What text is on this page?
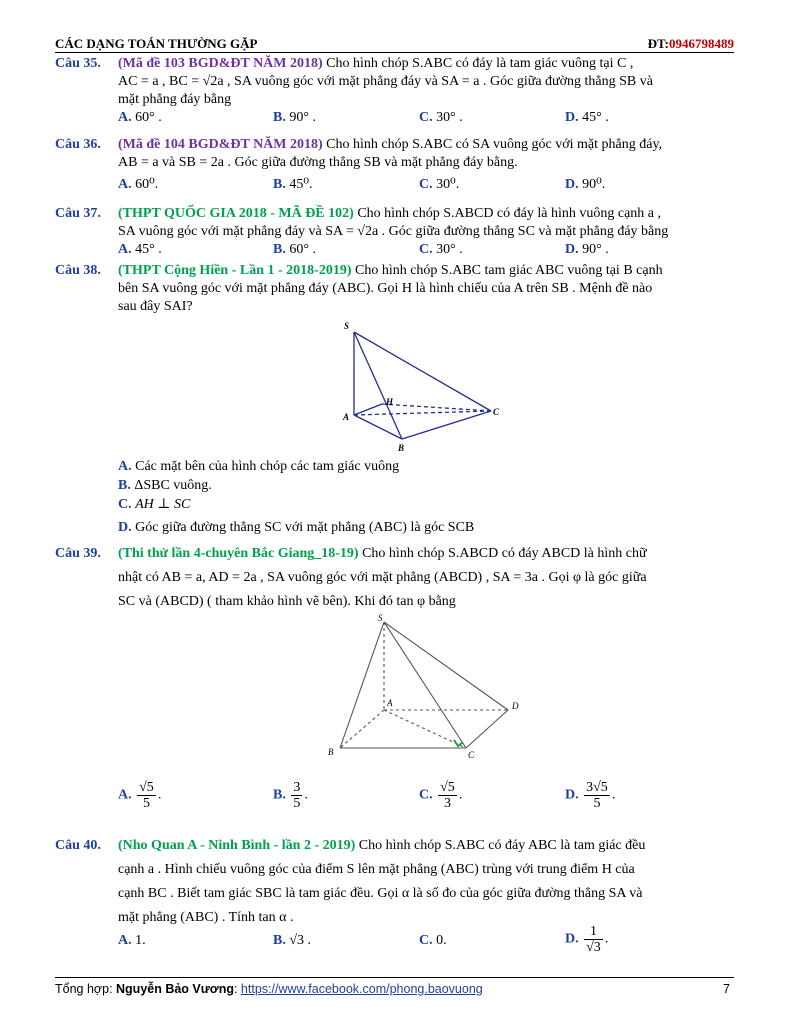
CÁC DẠNG TOÁN THƯỜNG GẶP	ĐT:0946798489
Câu 35. (Mã đề 103 BGD&ĐT NĂM 2018) Cho hình chóp S.ABC có đáy là tam giác vuông tại C ,
AC = a , BC = √2a , SA vuông góc với mặt phẳng đáy và SA = a . Góc giữa đường thẳng SB và
mặt phẳng đáy bằng
A. 60° .	B. 90° .	C. 30° .	D. 45° .
Câu 36. (Mã đề 104 BGD&ĐT NĂM 2018) Cho hình chóp S.ABC có SA vuông góc với mặt phẳng đáy,
AB = a và SB = 2a . Góc giữa đường thẳng SB và mặt phẳng đáy bằng.
A. 60⁰.	B. 45⁰.	C. 30⁰.	D. 90⁰.
Câu 37. (THPT QUỐC GIA 2018 - MÃ ĐỀ 102) Cho hình chóp S.ABCD có đáy là hình vuông cạnh a ,
SA vuông góc với mặt phẳng đáy và SA = √2a . Góc giữa đường thẳng SC và mặt phẳng đáy bằng
A. 45° .	B. 60° .	C. 30° .	D. 90° .
Câu 38. (THPT Cộng Hiền - Lần 1 - 2018-2019) Cho hình chóp S.ABC tam giác ABC vuông tại B cạnh
bên SA vuông góc với mặt phẳng đáy (ABC). Gọi H là hình chiếu của A trên SB . Mệnh đề nào
sau đây SAI?
S
A
B
C
H
A. Các mặt bên của hình chóp các tam giác vuông
B. ΔSBC vuông.
C. AH ⊥ SC
D. Góc giữa đường thẳng SC với mặt phẳng (ABC) là góc SCB
Câu 39. (Thi thử lần 4-chuyên Bắc Giang_18-19) Cho hình chóp S.ABCD có đáy ABCD là hình chữ
nhật có AB = a, AD = 2a , SA vuông góc với mặt phẳng (ABCD) , SA = 3a . Gọi φ là góc giữa
SC và (ABCD) ( tham khảo hình vẽ bên). Khi đó tan φ bằng
S
A
B	C
D
A. $\frac{√5}{5}$ .	B. $\frac{3}{5}$ .	C. $\frac{√5}{3}$ .	D. $\frac{3√5}{5}$ .
Câu 40. (Nho Quan A - Ninh Bình - lần 2 - 2019) Cho hình chóp S.ABC có đáy ABC là tam giác đều
cạnh a . Hình chiếu vuông góc của điểm S lên mặt phẳng (ABC) trùng với trung điểm H của
cạnh BC . Biết tam giác SBC là tam giác đều. Gọi α là số đo của góc giữa đường thẳng SA và
mặt phẳng (ABC) . Tính tan α .
A. 1.	B. √3 .	C. 0.	D. $\frac{1}{√3}$ .
Tổng hợp: Nguyễn Bảo Vương: https://www.facebook.com/phong.baovuong	7
